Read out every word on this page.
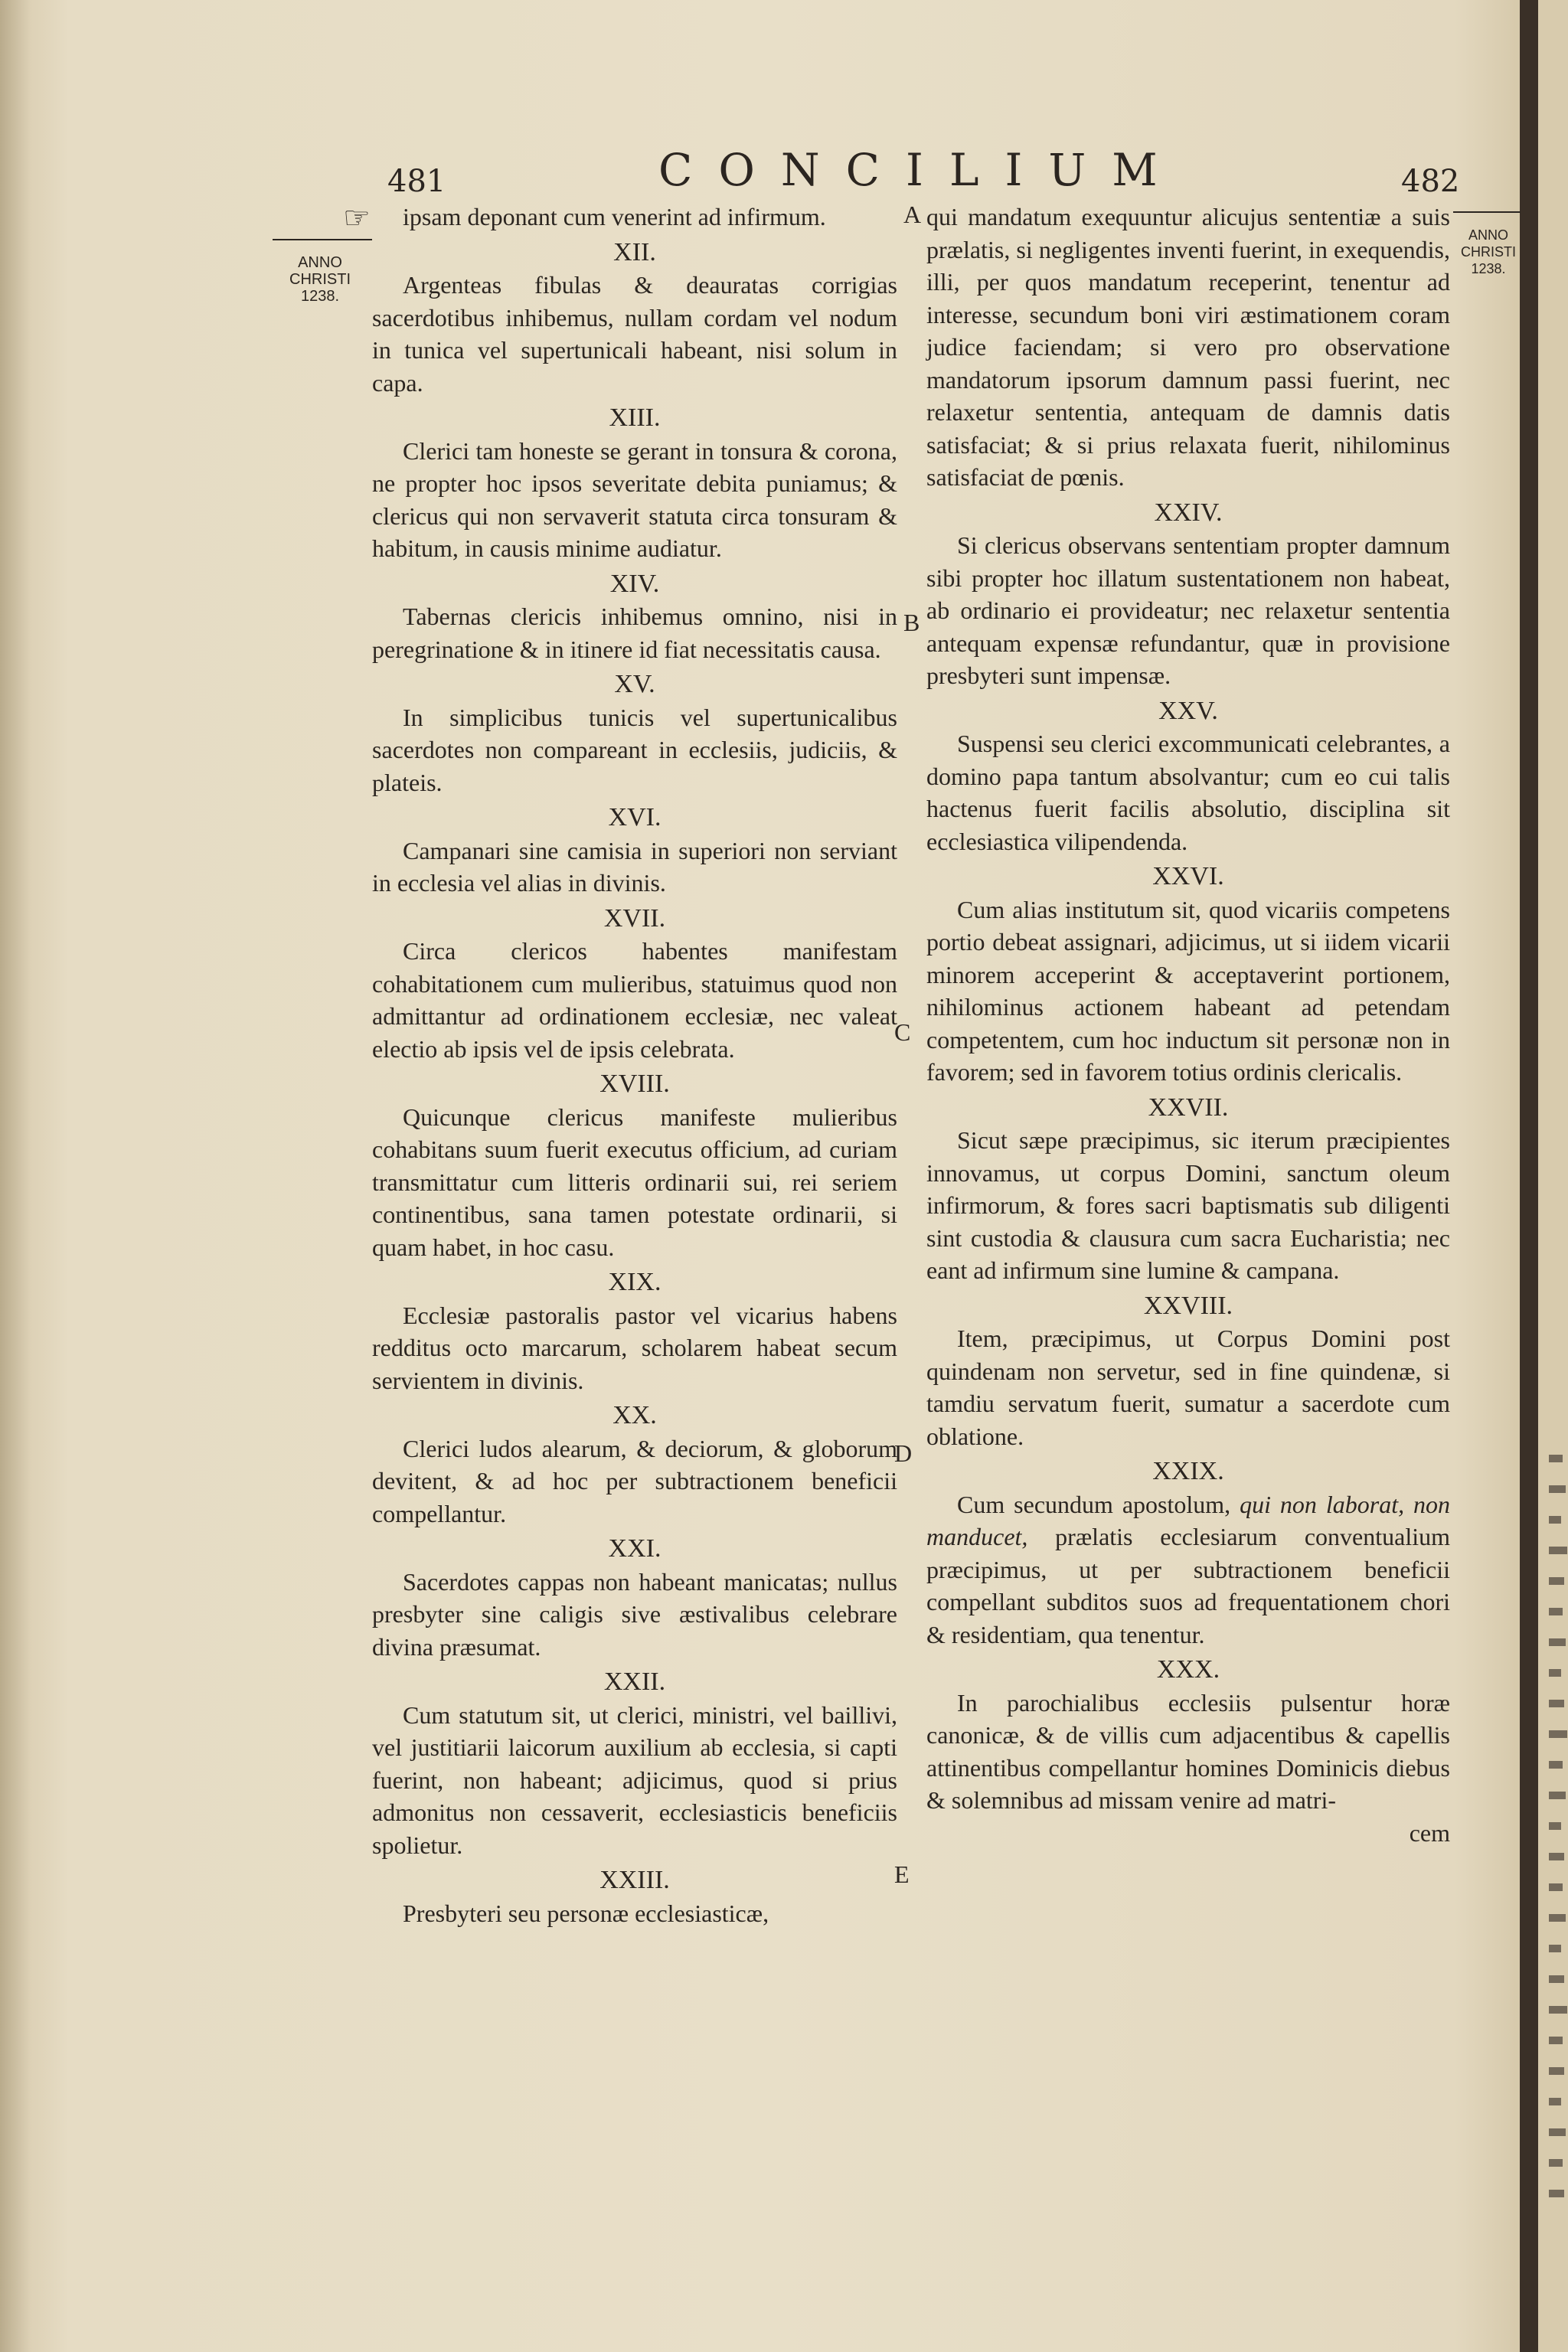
481	CONCILIUM	482
☞
ANNO
CHRISTI
1238.
ANNO
CHRISTI
1238.
A
B
C
D
E

ipsam deponant cum venerint ad infirmum.

XII.

Argenteas fibulas & deauratas corrigias sacerdotibus inhibemus, nullam cordam vel nodum in tunica vel supertunicali habeant, nisi solum in capa.

XIII.

Clerici tam honeste se gerant in tonsura & corona, ne propter hoc ipsos severitate debita puniamus; & clericus qui non servaverit statuta circa tonsuram & habitum, in causis minime audiatur.

XIV.

Tabernas clericis inhibemus omnino, nisi in peregrinatione & in itinere id fiat necessitatis causa.

XV.

In simplicibus tunicis vel supertunicalibus sacerdotes non compareant in ecclesiis, judiciis, & plateis.

XVI.

Campanari sine camisia in superiori non serviant in ecclesia vel alias in divinis.

XVII.

Circa clericos habentes manifestam cohabitationem cum mulieribus, statuimus quod non admittantur ad ordinationem ecclesiæ, nec valeat electio ab ipsis vel de ipsis celebrata.

XVIII.

Quicunque clericus manifeste mulieribus cohabitans suum fuerit executus officium, ad curiam transmittatur cum litteris ordinarii sui, rei seriem continentibus, sana tamen potestate ordinarii, si quam habet, in hoc casu.

XIX.

Ecclesiæ pastoralis pastor vel vicarius habens redditus octo marcarum, scholarem habeat secum servientem in divinis.

XX.

Clerici ludos alearum, & deciorum, & globorum devitent, & ad hoc per subtractionem beneficii compellantur.

XXI.

Sacerdotes cappas non habeant manicatas; nullus presbyter sine caligis sive æstivalibus celebrare divina præsumat.

XXII.

Cum statutum sit, ut clerici, ministri, vel baillivi, vel justitiarii laicorum auxilium ab ecclesia, si capti fuerint, non habeant; adjicimus, quod si prius admonitus non cessaverit, ecclesiasticis beneficiis spolietur.

XXIII.

Presbyteri seu personæ ecclesiasticæ,

qui mandatum exequuntur alicujus sententiæ a suis prælatis, si negligentes inventi fuerint, in exequendis, illi, per quos mandatum receperint, tenentur ad interesse, secundum boni viri æstimationem coram judice faciendam; si vero pro observatione mandatorum ipsorum damnum passi fuerint, nec relaxetur sententia, antequam de damnis datis satisfaciat; & si prius relaxata fuerit, nihilominus satisfaciat de pœnis.

XXIV.

Si clericus observans sententiam propter damnum sibi propter hoc illatum sustentationem non habeat, ab ordinario ei provideatur; nec relaxetur sententia antequam expensæ refundantur, quæ in provisione presbyteri sunt impensæ.

XXV.

Suspensi seu clerici excommunicati celebrantes, a domino papa tantum absolvantur; cum eo cui talis hactenus fuerit facilis absolutio, disciplina sit ecclesiastica vilipendenda.

XXVI.

Cum alias institutum sit, quod vicariis competens portio debeat assignari, adjicimus, ut si iidem vicarii minorem acceperint & acceptaverint portionem, nihilominus actionem habeant ad petendam competentem, cum hoc inductum sit personæ non in favorem; sed in favorem totius ordinis clericalis.

XXVII.

Sicut sæpe præcipimus, sic iterum præcipientes innovamus, ut corpus Domini, sanctum oleum infirmorum, & fores sacri baptismatis sub diligenti sint custodia & clausura cum sacra Eucharistia; nec eant ad infirmum sine lumine & campana.

XXVIII.

Item, præcipimus, ut Corpus Domini post quindenam non servetur, sed in fine quindenæ, si tamdiu servatum fuerit, sumatur a sacerdote cum oblatione.

XXIX.

Cum secundum apostolum, qui non laborat, non manducet, prælatis ecclesiarum conventualium præcipimus, ut per subtractionem beneficii compellant subditos suos ad frequentationem chori & residentiam, qua tenentur.

XXX.

In parochialibus ecclesiis pulsentur horæ canonicæ, & de villis cum adjacentibus & capellis attinentibus compellantur homines Dominicis diebus & solemnibus ad missam venire ad matri-

cem
